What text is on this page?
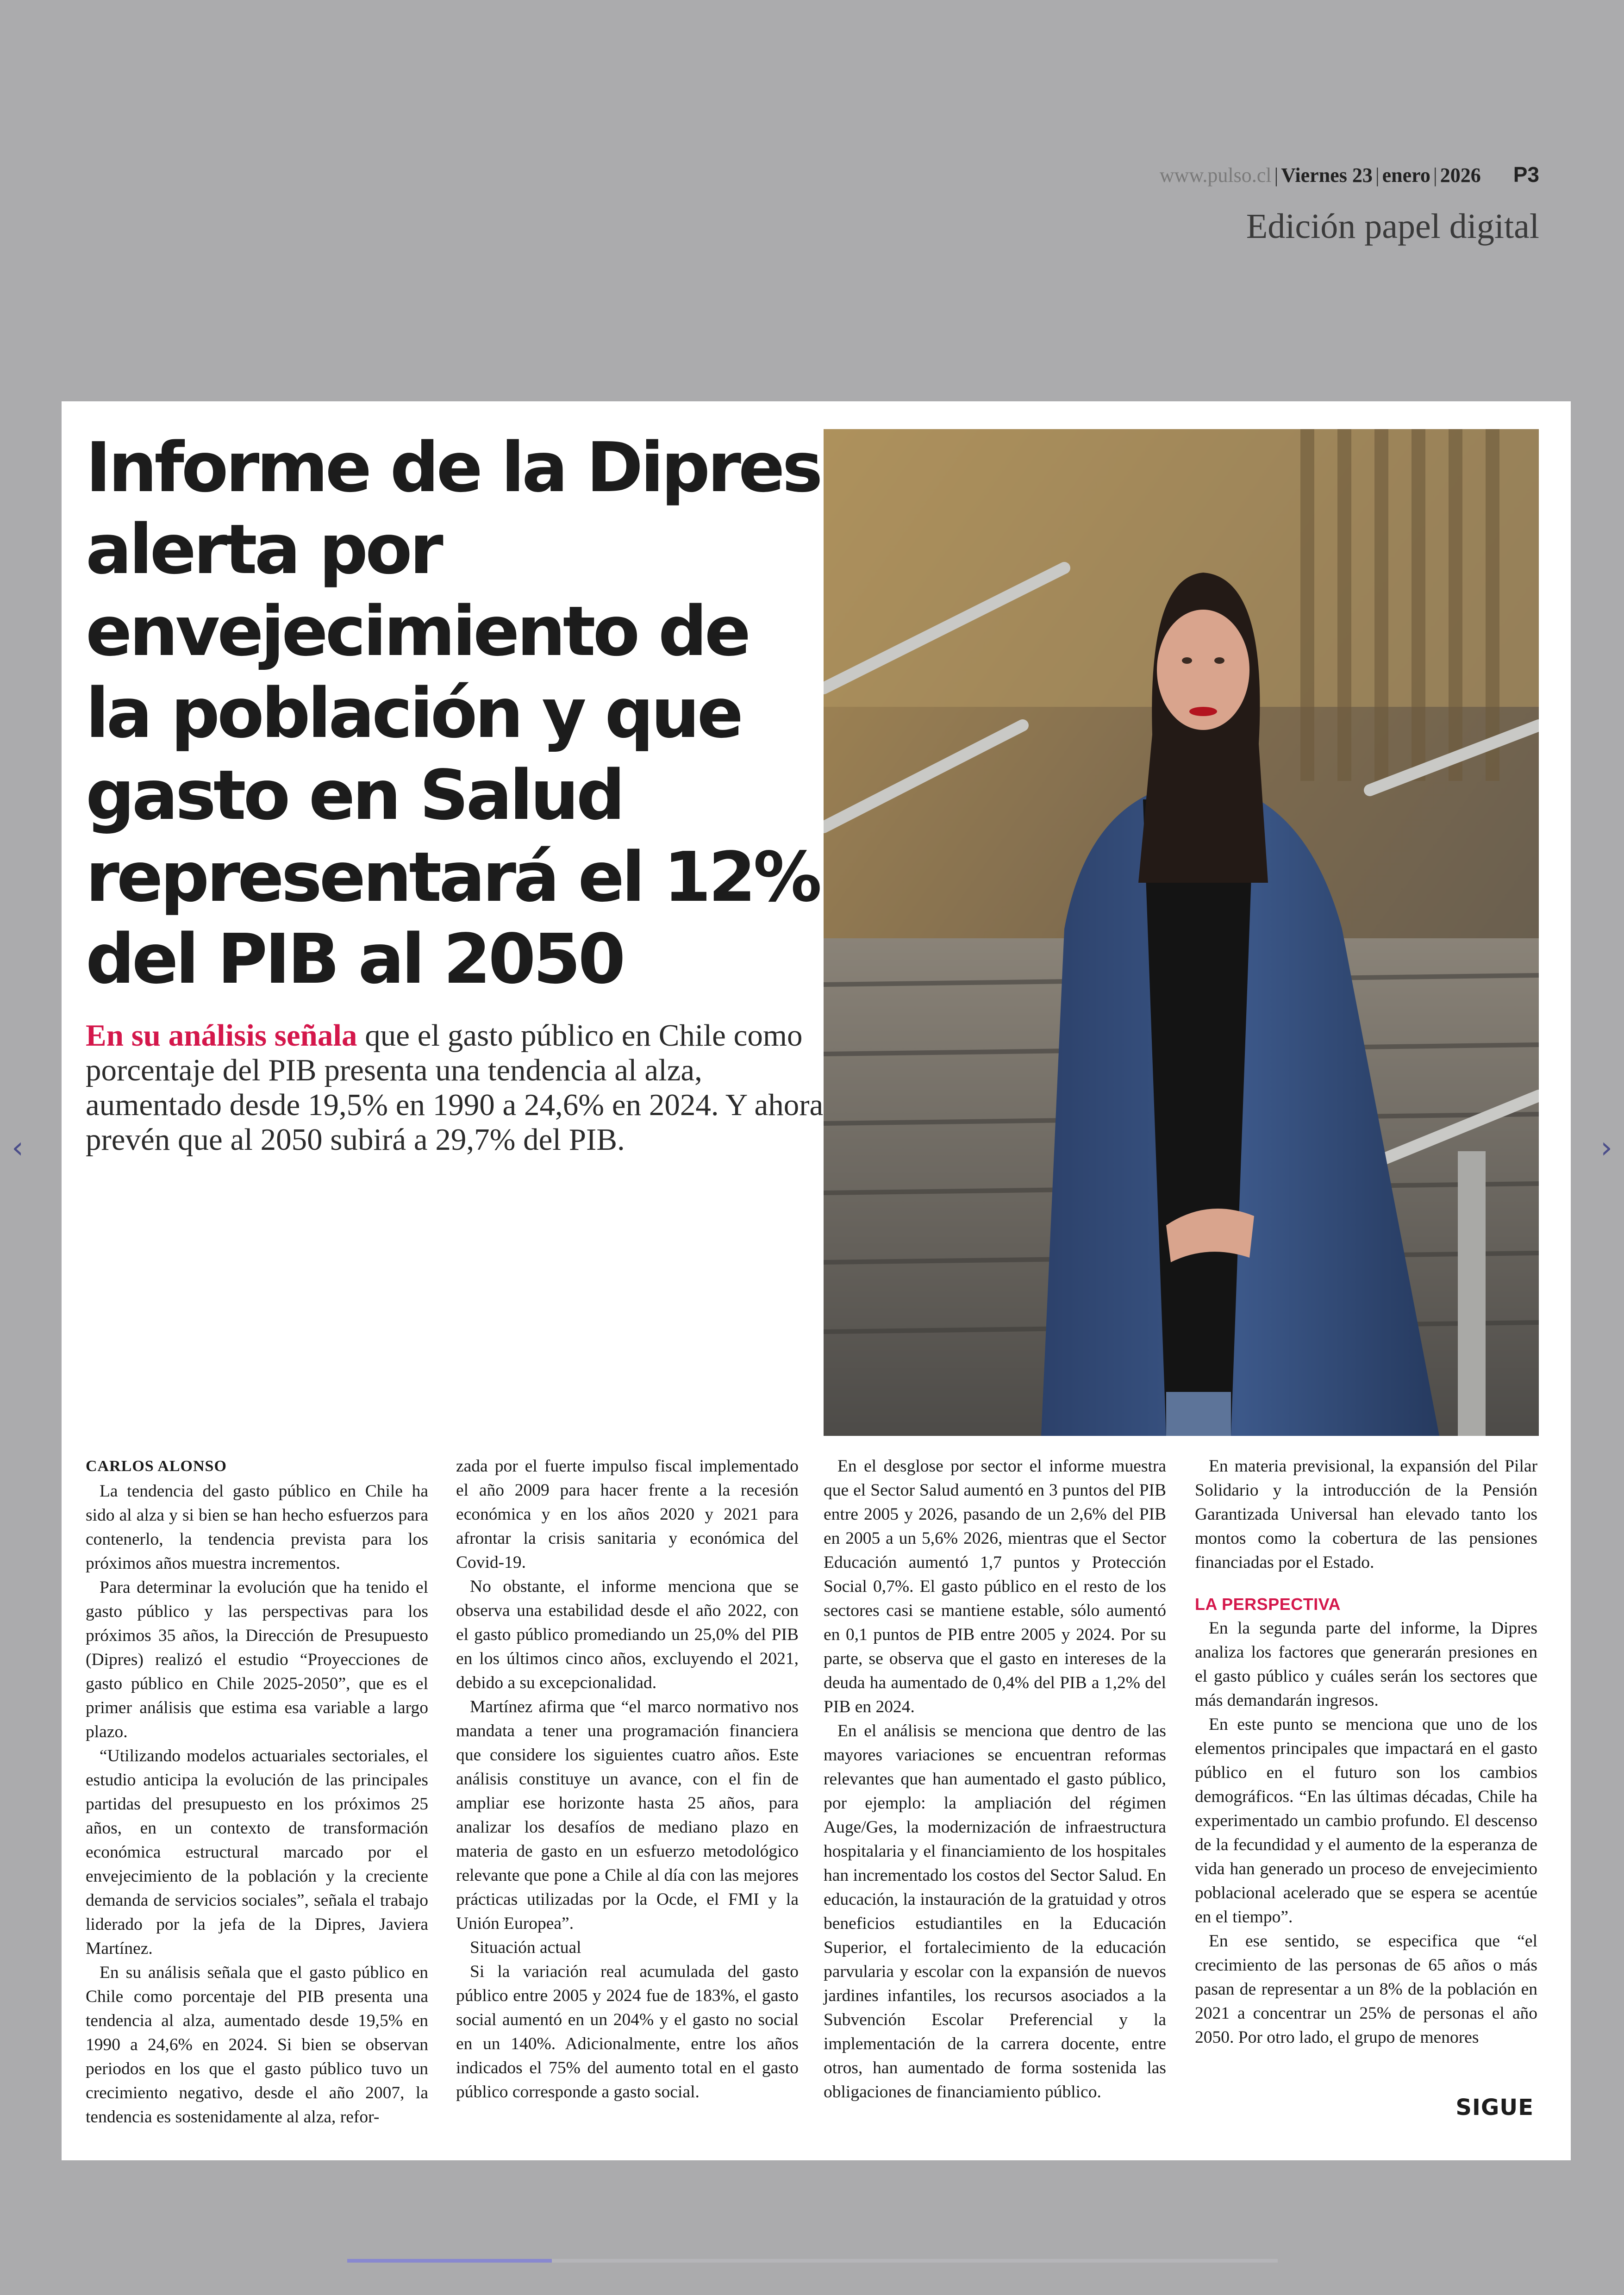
www.pulso.cl | Viernes 23 | enero | 2026 P3
Edición papel digital
‹	›
Informe de la Dipres alerta por envejecimiento de la población y que gasto en Salud representará el 12% del PIB al 2050

En su análisis señala que el gasto público en Chile como porcentaje del PIB presenta una tendencia al alza, aumentado desde 19,5% en 1990 a 24,6% en 2024. Y ahora prevén que al 2050 subirá a 29,7% del PIB.

CARLOS ALONSO

La tendencia del gasto público en Chile ha sido al alza y si bien se han hecho esfuerzos para contenerlo, la tendencia prevista para los próximos años muestra incrementos.

Para determinar la evolución que ha tenido el gasto público y las perspectivas para los próximos 35 años, la Dirección de Presupuesto (Dipres) realizó el estudio “Proyecciones de gasto público en Chile 2025-2050”, que es el primer análisis que estima esa variable a largo plazo.

“Utilizando modelos actuariales sectoriales, el estudio anticipa la evolución de las principales partidas del presupuesto en los próximos 25 años, en un contexto de transformación económica estructural marcado por el envejecimiento de la población y la creciente demanda de servicios sociales”, señala el trabajo liderado por la jefa de la Dipres, Javiera Martínez.

En su análisis señala que el gasto público en Chile como porcentaje del PIB presenta una tendencia al alza, aumentado desde 19,5% en 1990 a 24,6% en 2024. Si bien se observan periodos en los que el gasto público tuvo un crecimiento negativo, desde el año 2007, la tendencia es sostenidamente al alza, refor-

zada por el fuerte impulso fiscal implementado el año 2009 para hacer frente a la recesión económica y en los años 2020 y 2021 para afrontar la crisis sanitaria y económica del Covid-19.

No obstante, el informe menciona que se observa una estabilidad desde el año 2022, con el gasto público promediando un 25,0% del PIB en los últimos cinco años, excluyendo el 2021, debido a su excepcionalidad.

Martínez afirma que “el marco normativo nos mandata a tener una programación financiera que considere los siguientes cuatro años. Este análisis constituye un avance, con el fin de ampliar ese horizonte hasta 25 años, para analizar los desafíos de mediano plazo en materia de gasto en un esfuerzo metodológico relevante que pone a Chile al día con las mejores prácticas utilizadas por la Ocde, el FMI y la Unión Europea”.

Situación actual

Si la variación real acumulada del gasto público entre 2005 y 2024 fue de 183%, el gasto social aumentó en un 204% y el gasto no social en un 140%. Adicionalmente, entre los años indicados el 75% del aumento total en el gasto público corresponde a gasto social.

En el desglose por sector el informe muestra que el Sector Salud aumentó en 3 puntos del PIB entre 2005 y 2026, pasando de un 2,6% del PIB en 2005 a un 5,6% 2026, mientras que el Sector Educación aumentó 1,7 puntos y Protección Social 0,7%. El gasto público en el resto de los sectores casi se mantiene estable, sólo aumentó en 0,1 puntos de PIB entre 2005 y 2024. Por su parte, se observa que el gasto en intereses de la deuda ha aumentado de 0,4% del PIB a 1,2% del PIB en 2024.

En el análisis se menciona que dentro de las mayores variaciones se encuentran reformas relevantes que han aumentado el gasto público, por ejemplo: la ampliación del régimen Auge/Ges, la modernización de infraestructura hospitalaria y el financiamiento de los hospitales han incrementado los costos del Sector Salud. En educación, la instauración de la gratuidad y otros beneficios estudiantiles en la Educación Superior, el fortalecimiento de la educación parvularia y escolar con la expansión de nuevos jardines infantiles, los recursos asociados a la Subvención Escolar Preferencial y la implementación de la carrera docente, entre otros, han aumentado de forma sostenida las obligaciones de financiamiento público.

En materia previsional, la expansión del Pilar Solidario y la introducción de la Pensión Garantizada Universal han elevado tanto los montos como la cobertura de las pensiones financiadas por el Estado.

LA PERSPECTIVA

En la segunda parte del informe, la Dipres analiza los factores que generarán presiones en el gasto público y cuáles serán los sectores que más demandarán ingresos.

En este punto se menciona que uno de los elementos principales que impactará en el gasto público en el futuro son los cambios demográficos. “En las últimas décadas, Chile ha experimentado un cambio profundo. El descenso de la fecundidad y el aumento de la esperanza de vida han generado un proceso de envejecimiento poblacional acelerado que se espera se acentúe en el tiempo”.

En ese sentido, se especifica que “el crecimiento de las personas de 65 años o más pasan de representar a un 8% de la población en 2021 a concentrar un 25% de personas el año 2050. Por otro lado, el grupo de menores

SIGUE
